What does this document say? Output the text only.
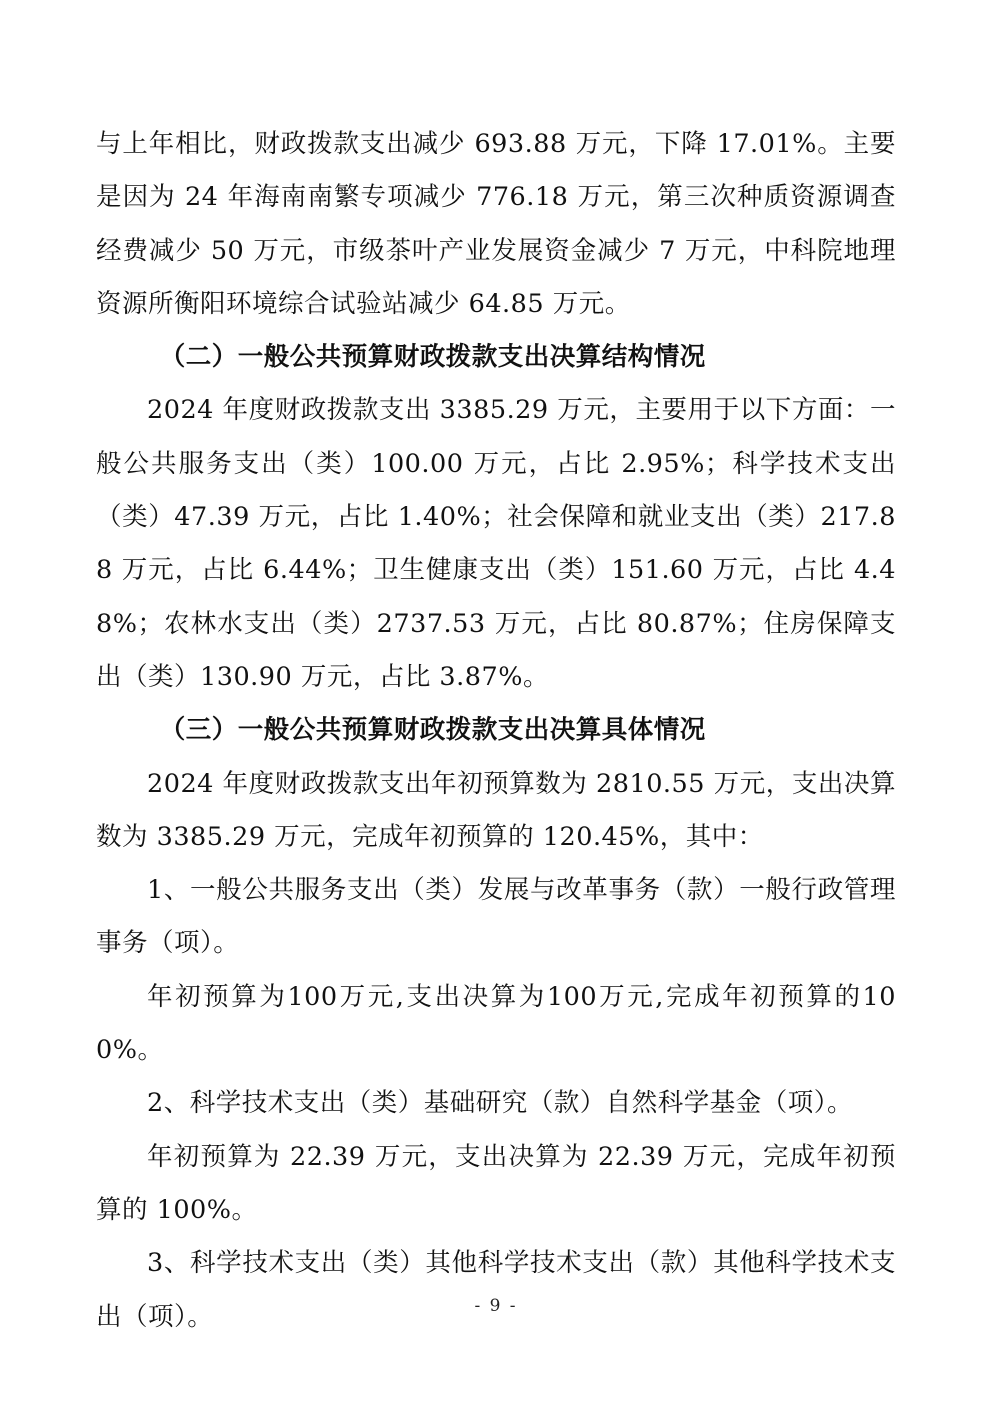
与上年相比，财政拨款支出减少 693.88 万元，下降 17.01%。主要是因为 24 年海南南繁专项减少 776.18 万元，第三次种质资源调查经费减少 50 万元，市级茶叶产业发展资金减少 7 万元，中科院地理资源所衡阳环境综合试验站减少 64.85 万元。

（二）一般公共预算财政拨款支出决算结构情况

2024 年度财政拨款支出 3385.29 万元，主要用于以下方面：一般公共服务支出（类）100.00 万元，占比 2.95%；科学技术支出（类）47.39 万元，占比 1.40%；社会保障和就业支出（类）217.88 万元，占比 6.44%；卫生健康支出（类）151.60 万元，占比 4.48%；农林水支出（类）2737.53 万元，占比 80.87%；住房保障支出（类）130.90 万元，占比 3.87%。

（三）一般公共预算财政拨款支出决算具体情况

2024 年度财政拨款支出年初预算数为 2810.55 万元，支出决算数为 3385.29 万元，完成年初预算的 120.45%，其中：

1、一般公共服务支出（类）发展与改革事务（款）一般行政管理事务（项）。

年初预算为100万元,支出决算为100万元,完成年初预算的100%。

2、科学技术支出（类）基础研究（款）自然科学基金（项）。

年初预算为 22.39 万元，支出决算为 22.39 万元，完成年初预算的 100%。

3、科学技术支出（类）其他科学技术支出（款）其他科学技术支出（项）。	- 9 -
